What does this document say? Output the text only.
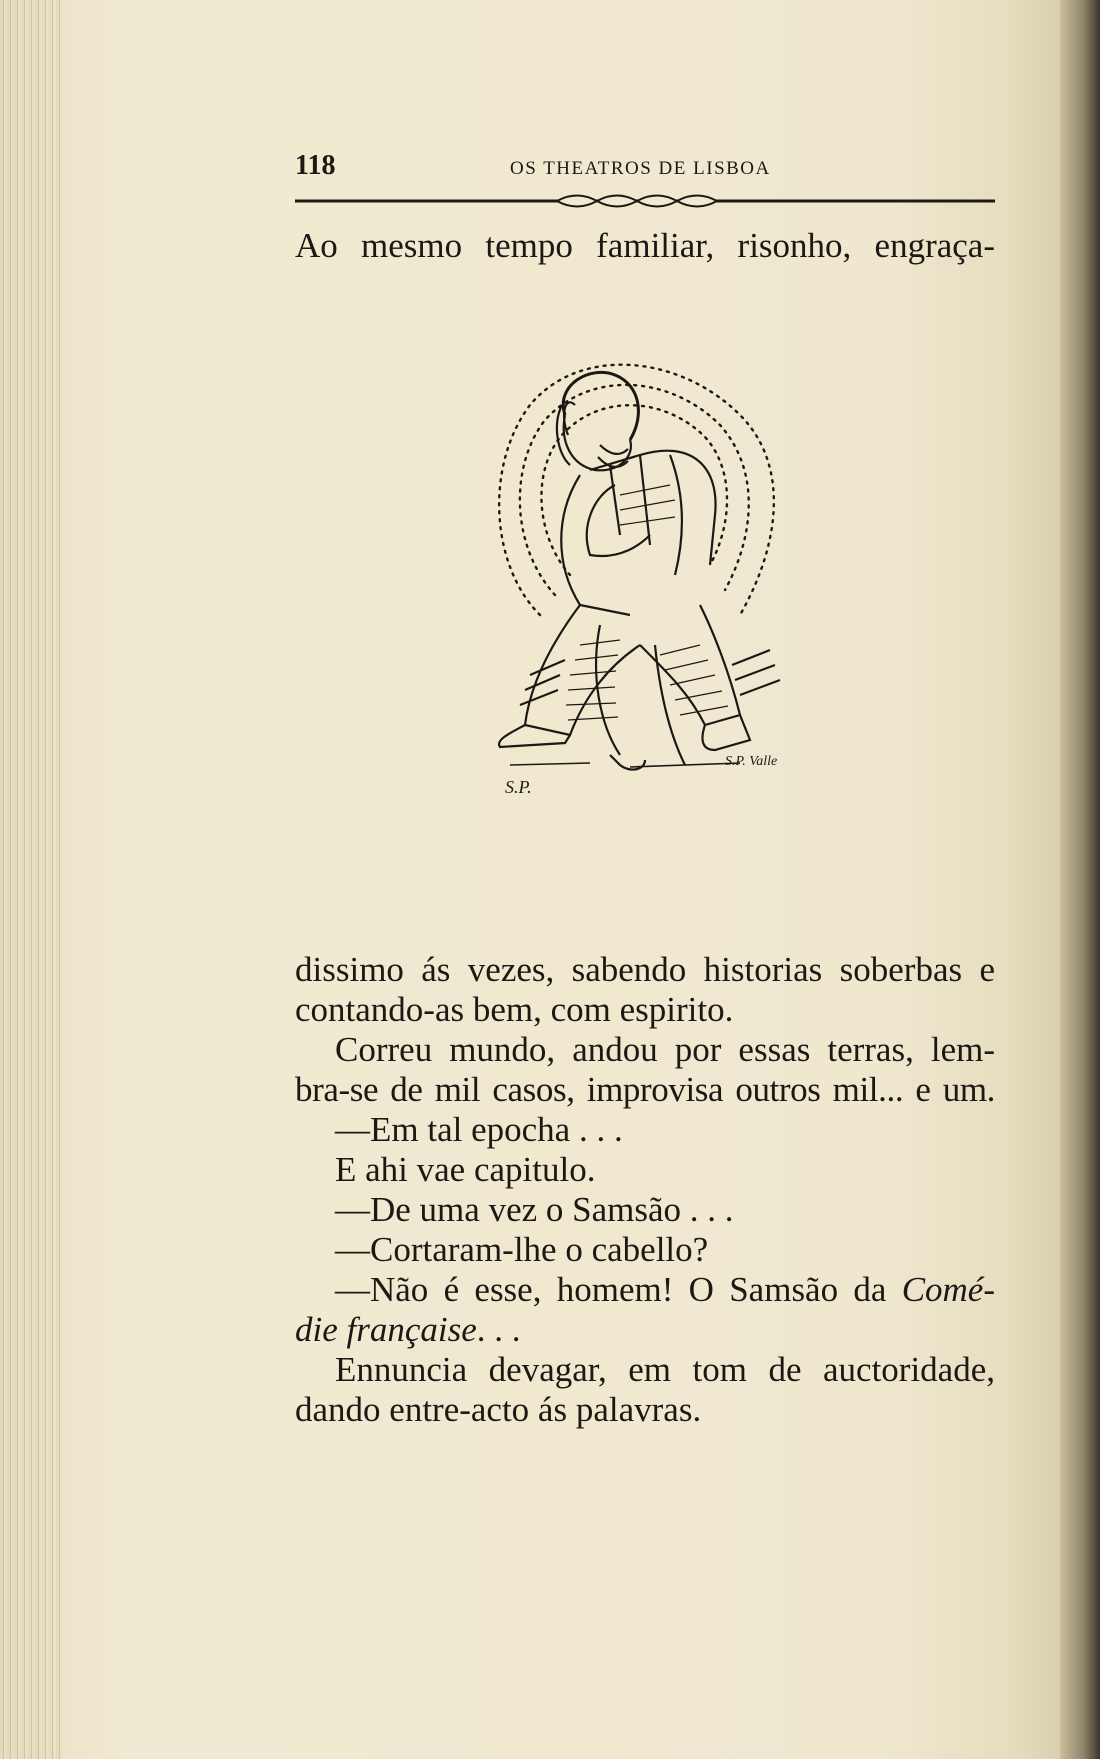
118	OS THEATROS DE LISBOA
Ao mesmo tempo familiar, risonho, engraça-
dissimo ás vezes, sabendo historias soberbas e
contando-as bem, com espirito.
Correu mundo, andou por essas terras, lem-
bra-se de mil casos, improvisa outros mil... e um.
—Em tal epocha . . .
E ahi vae capitulo.
—De uma vez o Samsão . . .
—Cortaram-lhe o cabello?
—Não é esse, homem! O Samsão da Comé-
die française. . .
Ennuncia devagar, em tom de auctoridade,
dando entre-acto ás palavras.
S.P.
S.P. Valle
